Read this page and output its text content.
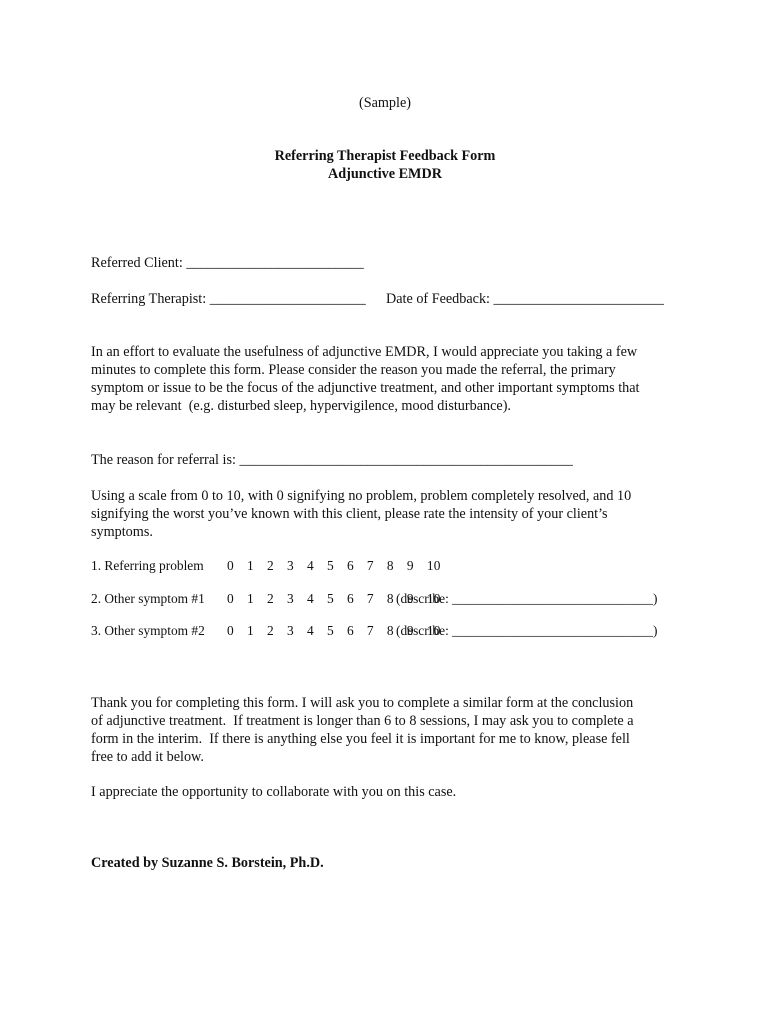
(Sample)
Referring Therapist Feedback Form
Adjunctive EMDR
Referred Client: _________________________
Referring Therapist: ______________________ Date of Feedback: ________________________
In an effort to evaluate the usefulness of adjunctive EMDR, I would appreciate you taking a few
minutes to complete this form. Please consider the reason you made the referral, the primary
symptom or issue to be the focus of the adjunctive treatment, and other important symptoms that
may be relevant  (e.g. disturbed sleep, hypervigilence, mood disturbance).
The reason for referral is: _______________________________________________
Using a scale from 0 to 10, with 0 signifying no problem, problem completely resolved, and 10
signifying the worst you’ve known with this client, please rate the intensity of your client’s
symptoms.
1. Referring problem 0  1  2  3  4  5  6  7  8  9  10
2. Other symptom #1 0  1  2  3  4  5  6  7  8  9  10
(describe: ______________________________)
3. Other symptom #2 0  1  2  3  4  5  6  7  8  9  10
(describe: ______________________________)
Thank you for completing this form. I will ask you to complete a similar form at the conclusion
of adjunctive treatment.  If treatment is longer than 6 to 8 sessions, I may ask you to complete a
form in the interim.  If there is anything else you feel it is important for me to know, please fell
free to add it below.
I appreciate the opportunity to collaborate with you on this case.
Created by Suzanne S. Borstein, Ph.D.
